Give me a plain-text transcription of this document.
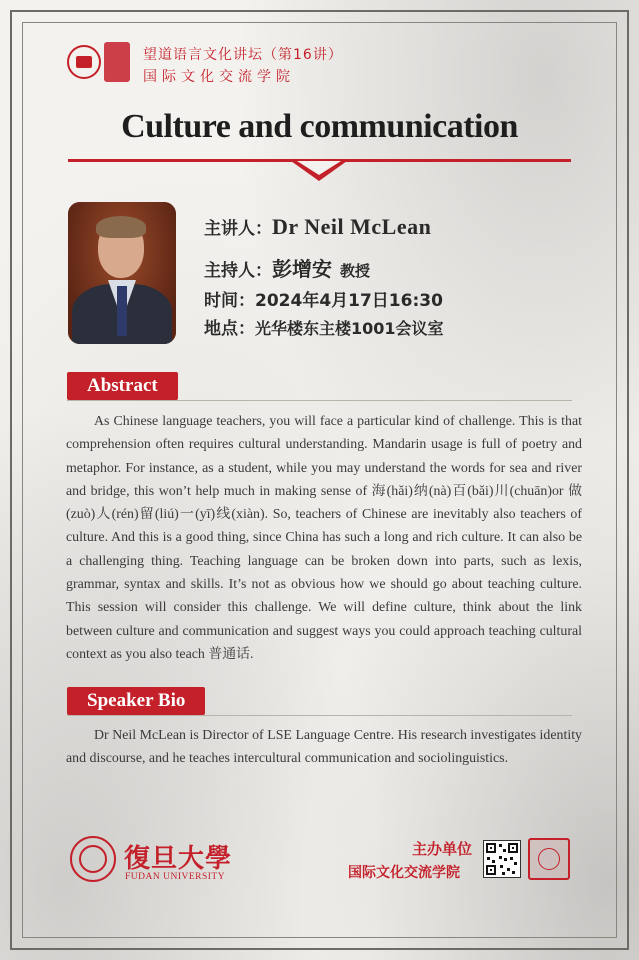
望道语言文化讲坛（第16讲）
国际文化交流学院
Culture and communication
主讲人：Dr Neil McLean
主持人：彭增安 教授
时间：2024年4月17日16:30
地点：光华楼东主楼1001会议室
Abstract

As Chinese language teachers, you will face a particular kind of challenge. This is that comprehension often requires cultural understanding. Mandarin usage is full of poetry and metaphor. For instance, as a student, while you may understand the words for sea and river and bridge, this won’t help much in making sense of 海(hǎi)纳(nà)百(bǎi)川(chuān)or 做(zuò)人(rén)留(liú)一(yī)线(xiàn). So, teachers of Chinese are inevitably also teachers of culture. And this is a good thing, since China has such a long and rich culture. It can also be a challenging thing. Teaching language can be broken down into parts, such as lexis, grammar, syntax and skills. It’s not as obvious how we should go about teaching culture. This session will consider this challenge. We will define culture, think about the link between culture and communication and suggest ways you could approach teaching cultural context as you also teach 普通话.

Speaker Bio

Dr Neil McLean is Director of LSE Language Centre. His research investigates identity and discourse, and he teaches intercultural communication and sociolinguistics.

復旦大學
FUDAN UNIVERSITY
主办单位
国际文化交流学院
